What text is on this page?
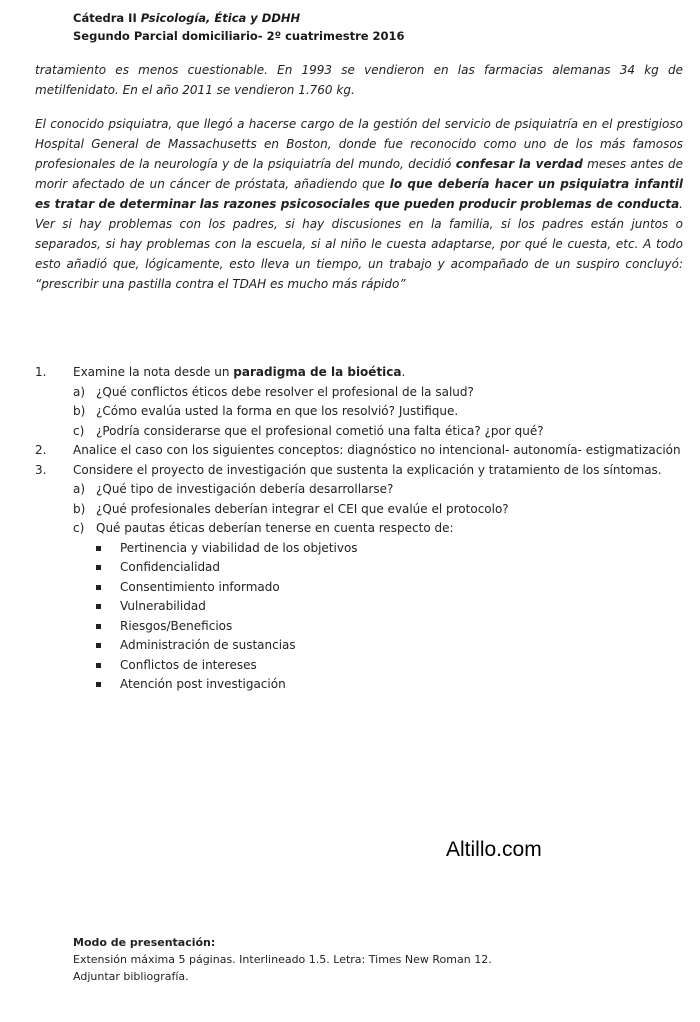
Cátedra II Psicología, Ética y DDHH
Segundo Parcial domiciliario- 2º cuatrimestre 2016
tratamiento es menos cuestionable. En 1993 se vendieron en las farmacias alemanas 34 kg de metilfenidato. En el año 2011 se vendieron 1.760 kg.
El conocido psiquiatra, que llegó a hacerse cargo de la gestión del servicio de psiquiatría en el prestigioso Hospital General de Massachusetts en Boston, donde fue reconocido como uno de los más famosos profesionales de la neurología y de la psiquiatría del mundo, decidió confesar la verdad meses antes de morir afectado de un cáncer de próstata, añadiendo que lo que debería hacer un psiquiatra infantil es tratar de determinar las razones psicosociales que pueden producir problemas de conducta. Ver si hay problemas con los padres, si hay discusiones en la familia, si los padres están juntos o separados, si hay problemas con la escuela, si al niño le cuesta adaptarse, por qué le cuesta, etc. A todo esto añadió que, lógicamente, esto lleva un tiempo, un trabajo y acompañado de un suspiro concluyó: “prescribir una pastilla contra el TDAH es mucho más rápido”
1. Examine la nota desde un paradigma de la bioética.
a) ¿Qué conflictos éticos debe resolver el profesional de la salud?
b) ¿Cómo evalúa usted la forma en que los resolvió? Justifique.
c) ¿Podría considerarse que el profesional cometió una falta ética? ¿por qué?
2. Analice el caso con los siguientes conceptos: diagnóstico no intencional- autonomía- estigmatización
3. Considere el proyecto de investigación que sustenta la explicación y tratamiento de los síntomas.
a) ¿Qué tipo de investigación debería desarrollarse?
b) ¿Qué profesionales deberían integrar el CEI que evalúe el protocolo?
c) Qué pautas éticas deberían tenerse en cuenta respecto de:
Pertinencia y viabilidad de los objetivos
Confidencialidad
Consentimiento informado
Vulnerabilidad
Riesgos/Beneficios
Administración de sustancias
Conflictos de intereses
Atención post investigación
Altillo.com
Modo de presentación:
Extensión máxima 5 páginas. Interlineado 1.5. Letra: Times New Roman 12.
Adjuntar bibliografía.
